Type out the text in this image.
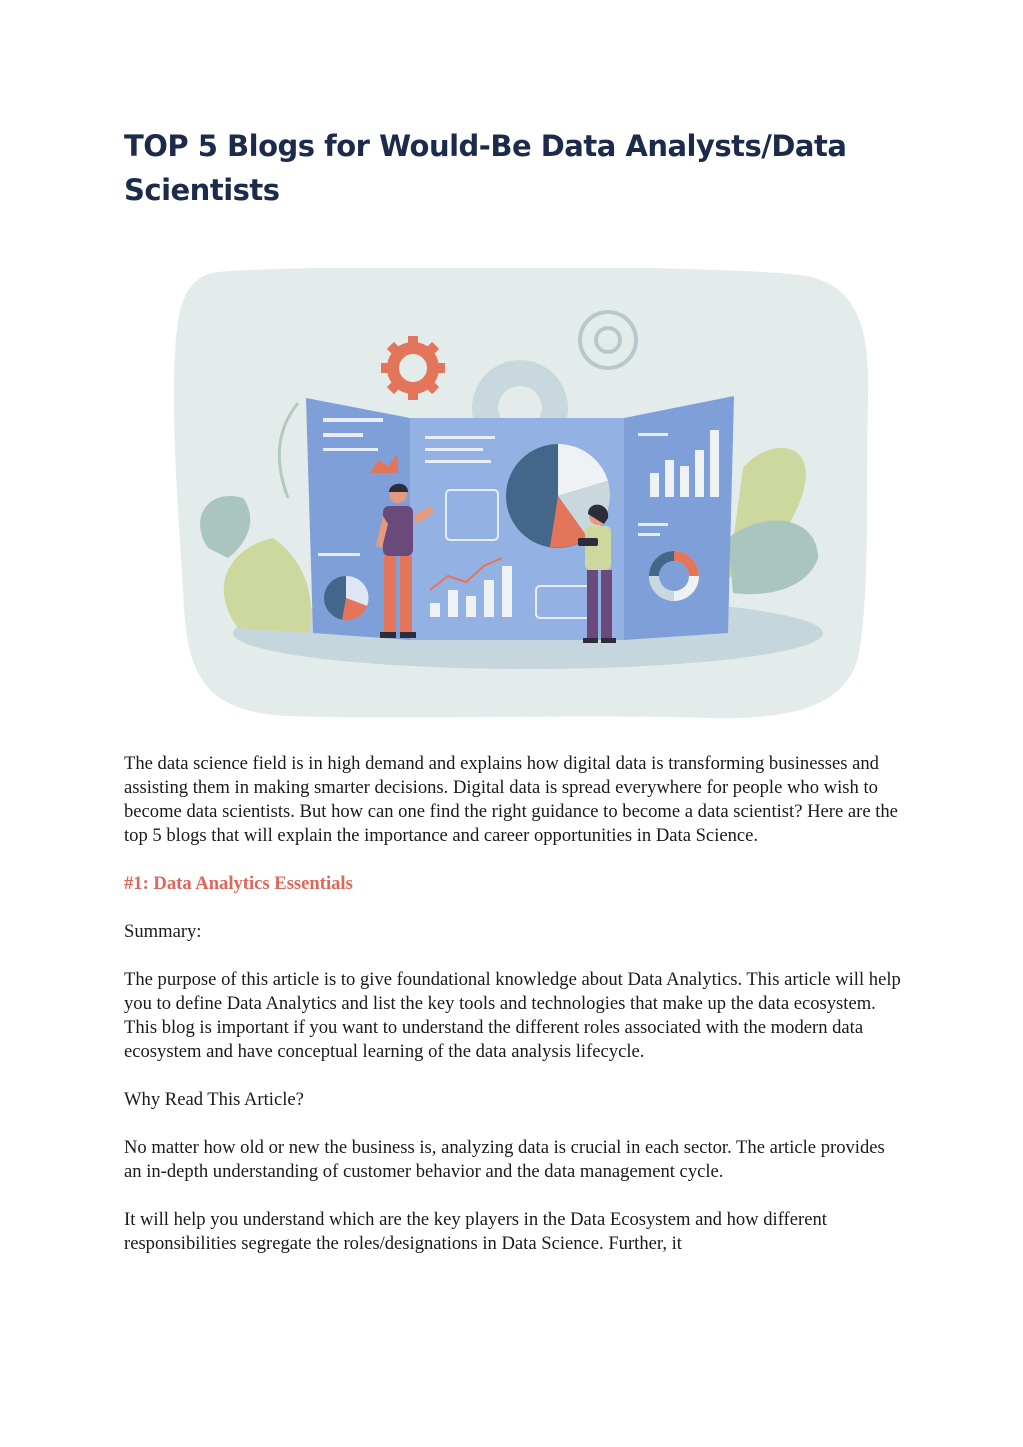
TOP 5 Blogs for Would-Be Data Analysts/Data Scientists

The data science field is in high demand and explains how digital data is transforming businesses and assisting them in making smarter decisions. Digital data is spread everywhere for people who wish to become data scientists. But how can one find the right guidance to become a data scientist? Here are the top 5 blogs that will explain the importance and career opportunities in Data Science.

#1: Data Analytics Essentials

Summary:

The purpose of this article is to give foundational knowledge about Data Analytics. This article will help you to define Data Analytics and list the key tools and technologies that make up the data ecosystem. This blog is important if you want to understand the different roles associated with the modern data ecosystem and have conceptual learning of the data analysis lifecycle.

Why Read This Article?

No matter how old or new the business is, analyzing data is crucial in each sector. The article provides an in-depth understanding of customer behavior and the data management cycle.

It will help you understand which are the key players in the Data Ecosystem and how different responsibilities segregate the roles/designations in Data Science. Further, it
